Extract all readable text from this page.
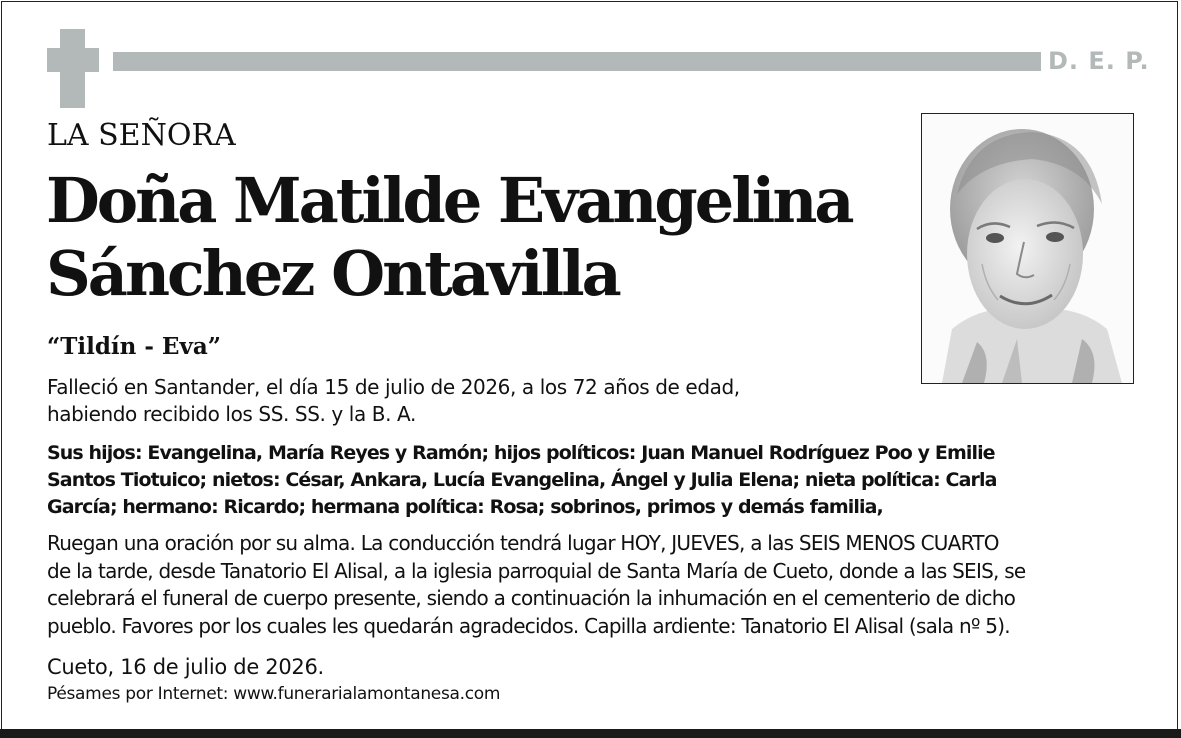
D. E. P.
LA SEÑORA
Doña Matilde Evangelina
Sánchez Ontavilla
“Tildín - Eva”
Falleció en Santander, el día 15 de julio de 2026, a los 72 años de edad,
habiendo recibido los SS. SS. y la B. A.
Sus hijos: Evangelina, María Reyes y Ramón; hijos políticos: Juan Manuel Rodríguez Poo y Emilie
Santos Tiotuico; nietos: César, Ankara, Lucía Evangelina, Ángel y Julia Elena; nieta política: Carla
García; hermano: Ricardo; hermana política: Rosa; sobrinos, primos y demás familia,
Ruegan una oración por su alma. La conducción tendrá lugar HOY, JUEVES, a las SEIS MENOS CUARTO
de la tarde, desde Tanatorio El Alisal, a la iglesia parroquial de Santa María de Cueto, donde a las SEIS, se
celebrará el funeral de cuerpo presente, siendo a continuación la inhumación en el cementerio de dicho
pueblo. Favores por los cuales les quedarán agradecidos. Capilla ardiente: Tanatorio El Alisal (sala nº 5).
Cueto, 16 de julio de 2026.
Pésames por Internet: www.funerarialamontanesa.com
